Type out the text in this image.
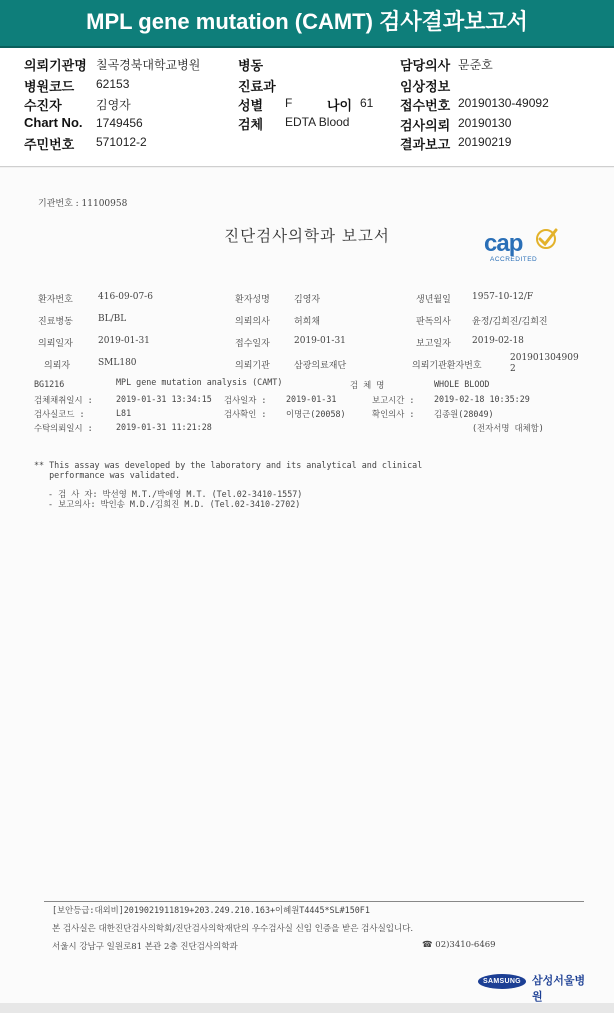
MPL gene mutation (CAMT) 검사결과보고서
의뢰기관명 칠곡경북대학교병원	병동	담당의사 문준호
병원코드 62153	진료과	임상정보
수진자	김영자	성별 F	나이 61 접수번호 20190130-49092
Chart No. 1749456	검체 EDTA Blood	검사의뢰 20190130
주민번호 571012-2	결과보고 20190219
기관번호 : 11100958
진단검사의학과 보고서	cap
ACCREDITED
환자번호	416-09-07-6	환자성명	김영자	생년월일 1957-10-12/F
진료병동	BL/BL	의뢰의사	허희채	판독의사 윤정/김희진/김희진
의뢰일자	2019-01-31	접수일자	2019-01-31	보고일자 2019-02-18
의뢰자	SML180	의뢰기관	삼광의료재단	의뢰기관환자번호
201901304909
2
BG1216	MPL gene mutation analysis (CAMT)	검 체 명	WHOLE BLOOD
검체채취일시 :	2019-01-31 13:34:15 검사일자 : 2019-01-31	보고시간 : 2019-02-18 10:35:29
검사실코드 :	L81	검사확인 : 이명근(20058)	확인의사 : 김종원(28049)
수탁의뢰일시 :	2019-01-31 11:21:28	(전자서명 대체함)
** This assay was developed by the laboratory and its analytical and clinical
performance was validated.
- 검 사 자: 박선영 M.T./박애영 M.T. (Tel.02-3410-1557)
- 보고의사: 박인송 M.D./김희진 M.D. (Tel.02-3410-2702)
[보안등급:대외비]2019021911819+203.249.210.163+이혜원T4445*SL#150F1
본 검사실은 대한진단검사의학회/진단검사의학재단의 우수검사실 신임 인증을 받은 검사실입니다.
서울시 강남구 일원로81 본관 2층 진단검사의학과	☎ 02)3410-6469
SAMSUNG	삼성서울병원
